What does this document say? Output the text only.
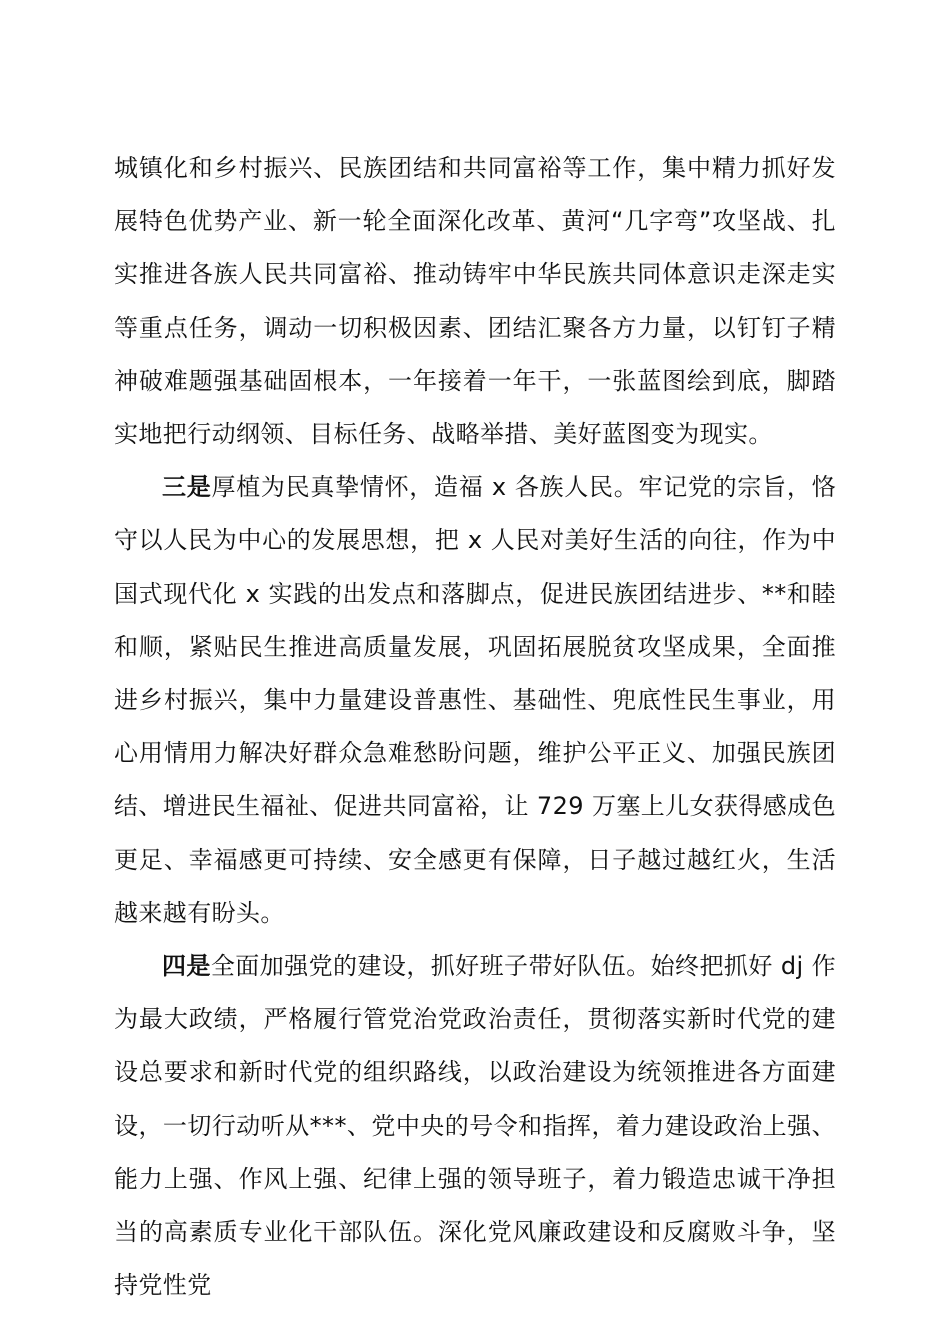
城镇化和乡村振兴、民族团结和共同富裕等工作，集中精力抓好发展特色优势产业、新一轮全面深化改革、黄河“几字弯”攻坚战、扎实推进各族人民共同富裕、推动铸牢中华民族共同体意识走深走实等重点任务，调动一切积极因素、团结汇聚各方力量，以钉钉子精神破难题强基础固根本，一年接着一年干，一张蓝图绘到底，脚踏实地把行动纲领、目标任务、战略举措、美好蓝图变为现实。

三是厚植为民真挚情怀，造福 x 各族人民。牢记党的宗旨，恪守以人民为中心的发展思想，把 x 人民对美好生活的向往，作为中国式现代化 x 实践的出发点和落脚点，促进民族团结进步、**和睦和顺，紧贴民生推进高质量发展，巩固拓展脱贫攻坚成果，全面推进乡村振兴，集中力量建设普惠性、基础性、兜底性民生事业，用心用情用力解决好群众急难愁盼问题，维护公平正义、加强民族团结、增进民生福祉、促进共同富裕，让 729 万塞上儿女获得感成色更足、幸福感更可持续、安全感更有保障，日子越过越红火，生活越来越有盼头。

四是全面加强党的建设，抓好班子带好队伍。始终把抓好 dj 作为最大政绩，严格履行管党治党政治责任，贯彻落实新时代党的建设总要求和新时代党的组织路线，以政治建设为统领推进各方面建设，一切行动听从***、党中央的号令和指挥，着力建设政治上强、能力上强、作风上强、纪律上强的领导班子，着力锻造忠诚干净担当的高素质专业化干部队伍。深化党风廉政建设和反腐败斗争，坚持党性党
